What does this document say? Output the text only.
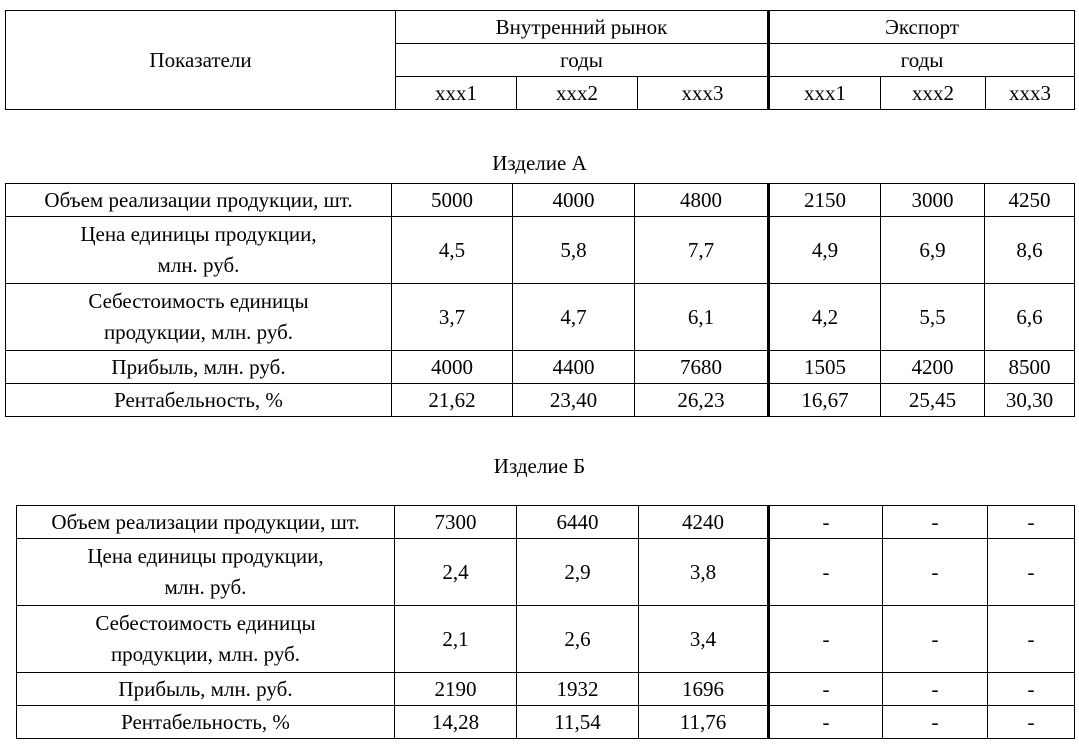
Показатели	Внутренний рынок			Экспорт		
	годы			годы		
	xxx1	xxx2	xxx3	xxx1	xxx2	xxx3
Изделие А
Объем реализации продукции, шт.	5000	4000	4800	2150	3000	4250

Цена единицы продукции,
млн. руб.	4,5	5,8	7,7	4,9	6,9	8,6

Себестоимость единицы
продукции, млн. руб.	3,7	4,7	6,1	4,2	5,5	6,6

Прибыль, млн. руб.	4000	4400	7680	1505	4200	8500

Рентабельность, %	21,62	23,40	26,23	16,67	25,45	30,30
Изделие Б
Объем реализации продукции, шт.	7300	6440	4240	-	-	-

Цена единицы продукции,
млн. руб.	2,4	2,9	3,8	-	-	-

Себестоимость единицы
продукции, млн. руб.	2,1	2,6	3,4	-	-	-

Прибыль, млн. руб.	2190	1932	1696	-	-	-

Рентабельность, %	14,28	11,54	11,76	-	-	-
